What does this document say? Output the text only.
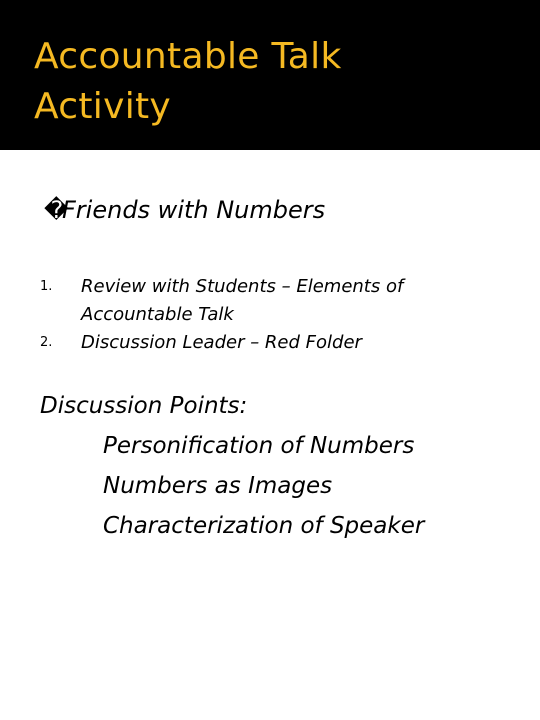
Accountable Talk
Activity
�Friends with Numbers
1. Review with Students – Elements of
Accountable Talk
2. Discussion Leader – Red Folder
Discussion Points:
Personification of Numbers
Numbers as Images
Characterization of Speaker
